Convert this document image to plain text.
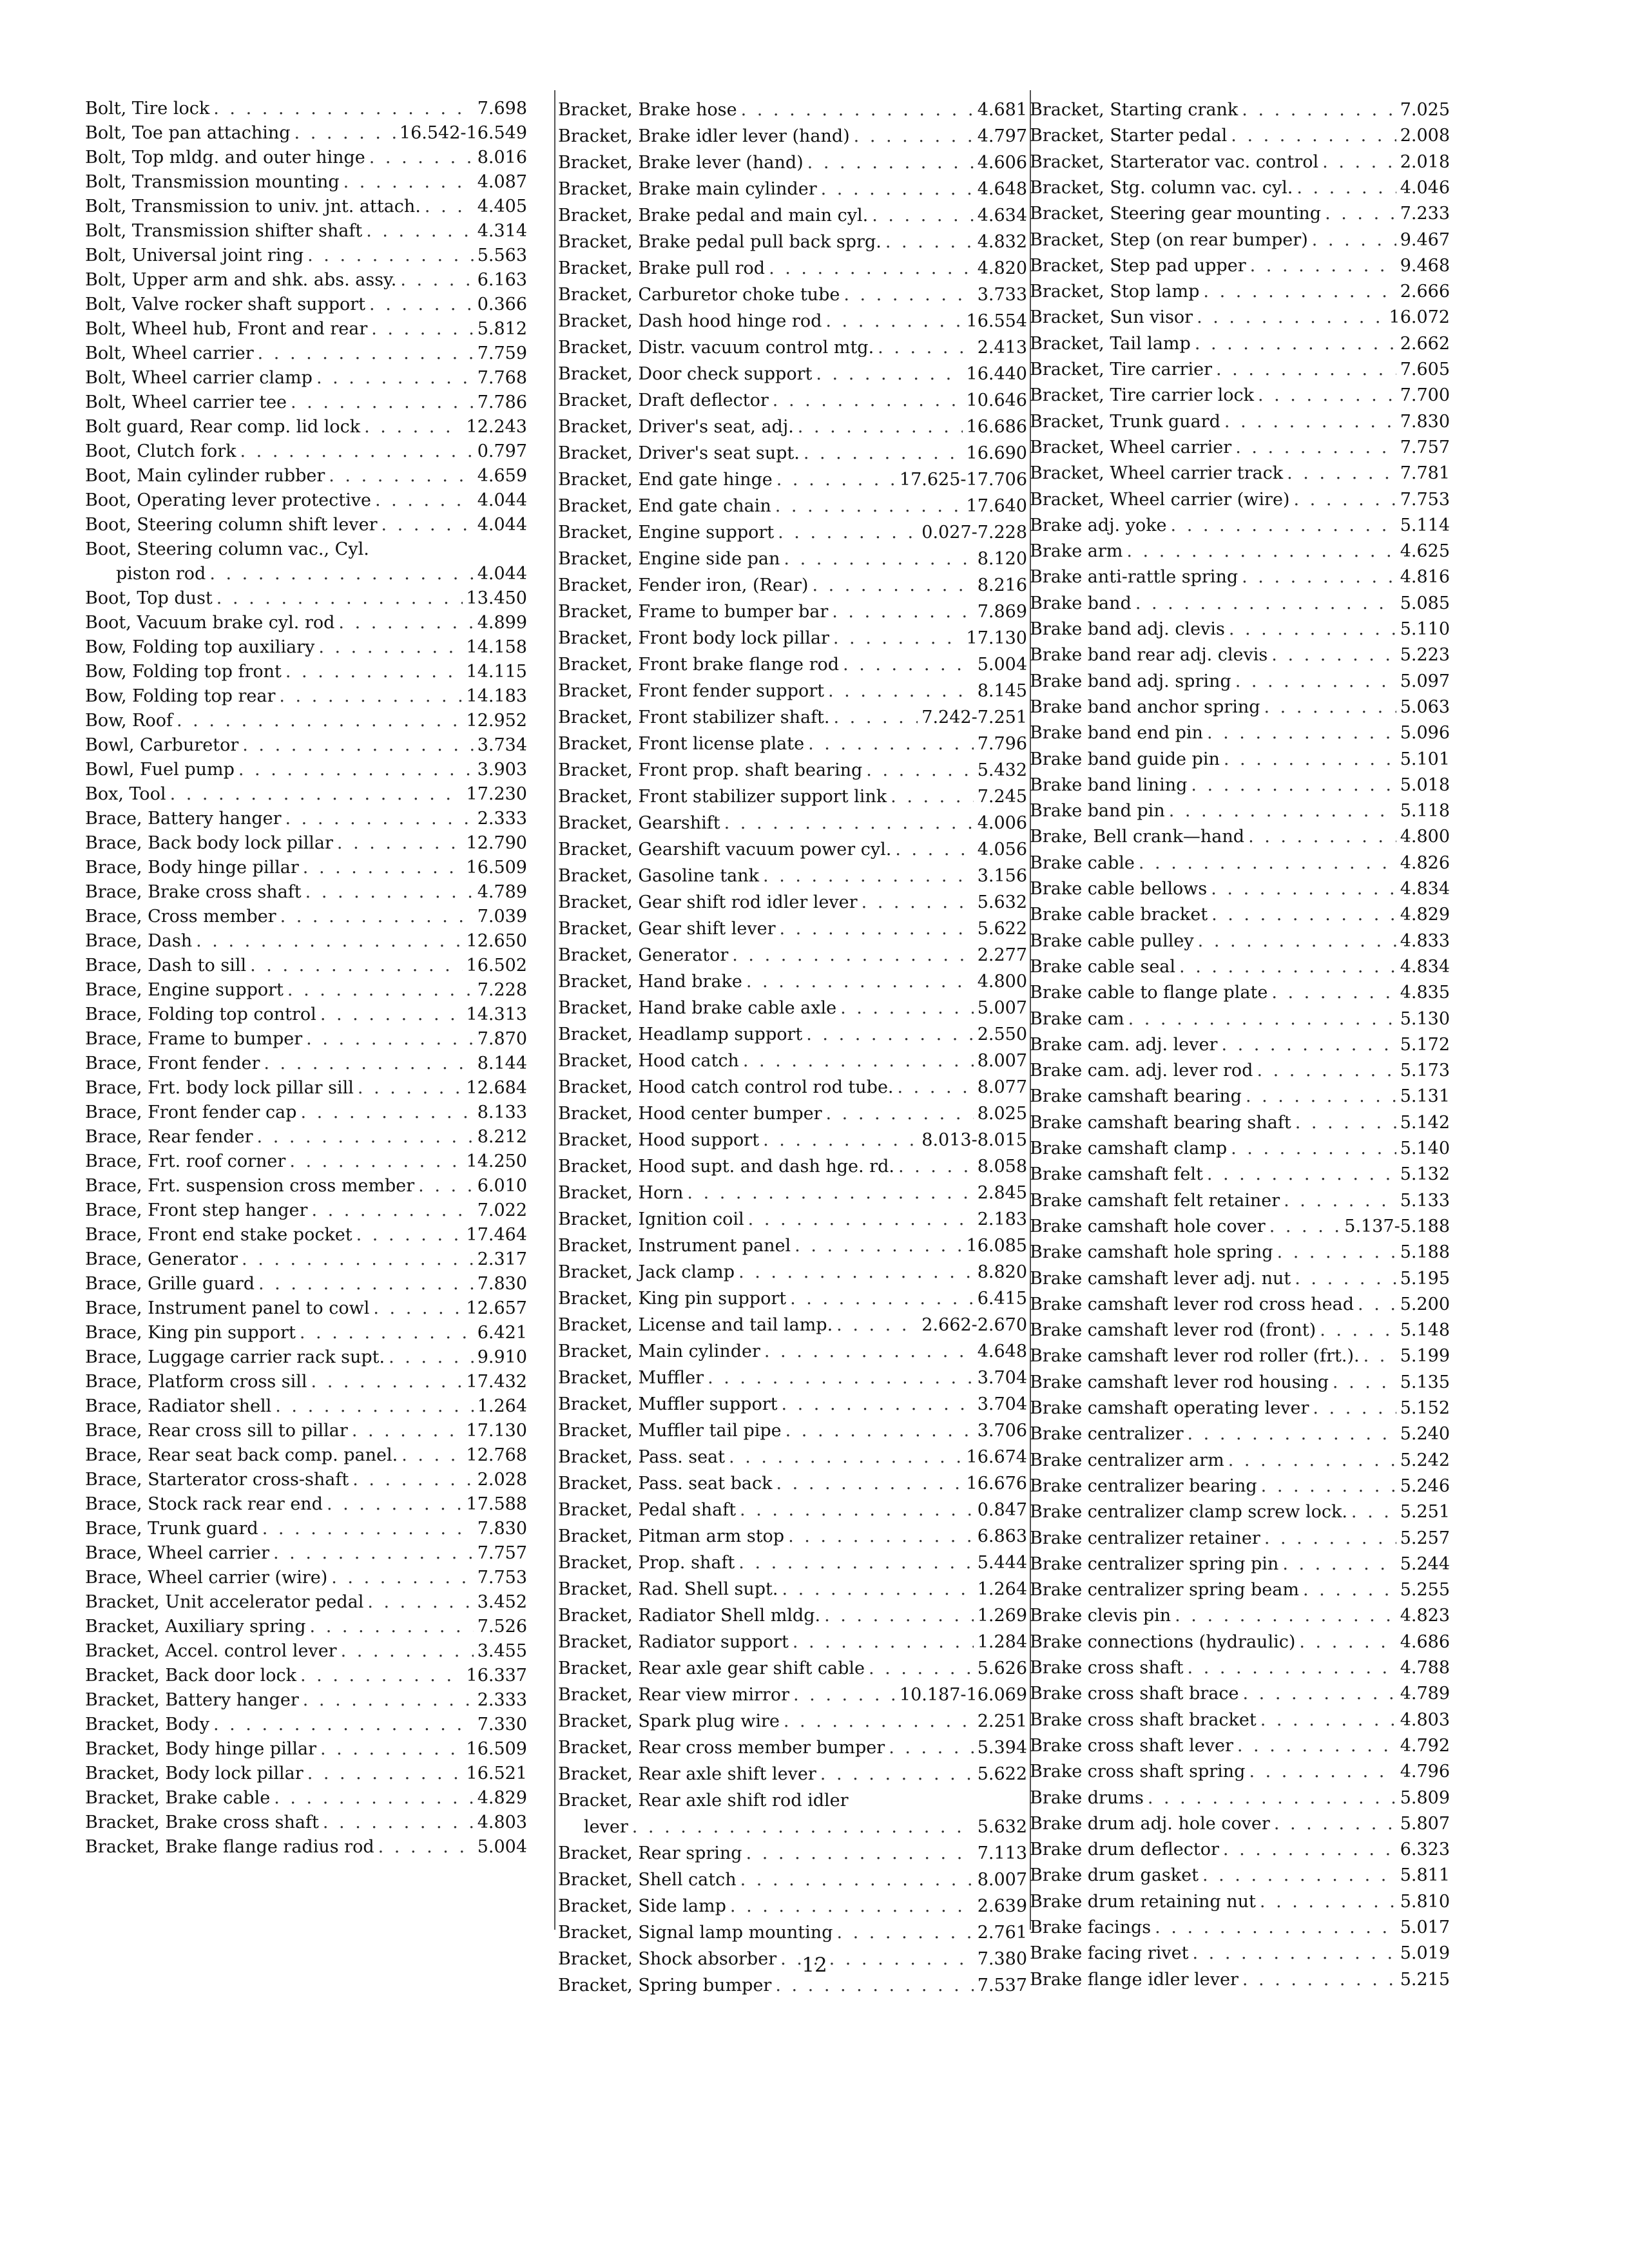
Bolt, Tire lock . . .	7.698
Bolt, Toe pan attaching . . .	16.542-16.549
Bolt, Top mldg. and outer hinge . . .	8.016
Bolt, Transmission mounting . . .	4.087
Bolt, Transmission to univ. jnt. attach. . . .	4.405
Bolt, Transmission shifter shaft . . .	4.314
Bolt, Universal joint ring . . .	5.563
Bolt, Upper arm and shk. abs. assy. . . .	6.163
Bolt, Valve rocker shaft support . . .	0.366
Bolt, Wheel hub, Front and rear . . .	5.812
Bolt, Wheel carrier . . .	7.759
Bolt, Wheel carrier clamp . . .	7.768
Bolt, Wheel carrier tee . . .	7.786
Bolt guard, Rear comp. lid lock . . .	12.243
Boot, Clutch fork . . .	0.797
Boot, Main cylinder rubber . . .	4.659
Boot, Operating lever protective . . .	4.044
Boot, Steering column shift lever . . .	4.044
Boot, Steering column vac., Cyl.
piston rod . . .	4.044
Boot, Top dust . . .	13.450
Boot, Vacuum brake cyl. rod . . .	4.899
Bow, Folding top auxiliary . . .	14.158
Bow, Folding top front . . .	14.115
Bow, Folding top rear . . .	14.183
Bow, Roof . . .	12.952
Bowl, Carburetor . . .	3.734
Bowl, Fuel pump . . .	3.903
Box, Tool . . .	17.230
Brace, Battery hanger . . .	2.333
Brace, Back body lock pillar . . .	12.790
Brace, Body hinge pillar . . .	16.509
Brace, Brake cross shaft . . .	4.789
Brace, Cross member . . .	7.039
Brace, Dash . . .	12.650
Brace, Dash to sill . . .	16.502
Brace, Engine support . . .	7.228
Brace, Folding top control . . .	14.313
Brace, Frame to bumper . . .	7.870
Brace, Front fender . . .	8.144
Brace, Frt. body lock pillar sill . . .	12.684
Brace, Front fender cap . . .	8.133
Brace, Rear fender . . .	8.212
Brace, Frt. roof corner . . .	14.250
Brace, Frt. suspension cross member . . .	6.010
Brace, Front step hanger . . .	7.022
Brace, Front end stake pocket . . .	17.464
Brace, Generator . . .	2.317
Brace, Grille guard . . .	7.830
Brace, Instrument panel to cowl . . .	12.657
Brace, King pin support . . .	6.421
Brace, Luggage carrier rack supt. . . .	9.910
Brace, Platform cross sill . . .	17.432
Brace, Radiator shell . . .	1.264
Brace, Rear cross sill to pillar . . .	17.130
Brace, Rear seat back comp. panel. . . .	12.768
Brace, Starterator cross-shaft . . .	2.028
Brace, Stock rack rear end . . .	17.588
Brace, Trunk guard . . .	7.830
Brace, Wheel carrier . . .	7.757
Brace, Wheel carrier (wire) . . .	7.753
Bracket, Unit accelerator pedal . . .	3.452
Bracket, Auxiliary spring . . .	7.526
Bracket, Accel. control lever . . .	3.455
Bracket, Back door lock . . .	16.337
Bracket, Battery hanger . . .	2.333
Bracket, Body . . .	7.330
Bracket, Body hinge pillar . . .	16.509
Bracket, Body lock pillar . . .	16.521
Bracket, Brake cable . . .	4.829
Bracket, Brake cross shaft . . .	4.803
Bracket, Brake flange radius rod . . .	5.004
Bracket, Brake hose . . .	4.681
Bracket, Brake idler lever (hand) . . .	4.797
Bracket, Brake lever (hand) . . .	4.606
Bracket, Brake main cylinder . . .	4.648
Bracket, Brake pedal and main cyl. . . .	4.634
Bracket, Brake pedal pull back sprg. . . .	4.832
Bracket, Brake pull rod . . .	4.820
Bracket, Carburetor choke tube . . .	3.733
Bracket, Dash hood hinge rod . . .	16.554
Bracket, Distr. vacuum control mtg. . . .	2.413
Bracket, Door check support . . .	16.440
Bracket, Draft deflector . . .	10.646
Bracket, Driver's seat, adj. . . .	16.686
Bracket, Driver's seat supt. . . .	16.690
Bracket, End gate hinge . . .	17.625-17.706
Bracket, End gate chain . . .	17.640
Bracket, Engine support . . .	0.027-7.228
Bracket, Engine side pan . . .	8.120
Bracket, Fender iron, (Rear) . . .	8.216
Bracket, Frame to bumper bar . . .	7.869
Bracket, Front body lock pillar . . .	17.130
Bracket, Front brake flange rod . . .	5.004
Bracket, Front fender support . . .	8.145
Bracket, Front stabilizer shaft. . . .	7.242-7.251
Bracket, Front license plate . . .	7.796
Bracket, Front prop. shaft bearing . . .	5.432
Bracket, Front stabilizer support link . . .	7.245
Bracket, Gearshift . . .	4.006
Bracket, Gearshift vacuum power cyl. . . .	4.056
Bracket, Gasoline tank . . .	3.156
Bracket, Gear shift rod idler lever . . .	5.632
Bracket, Gear shift lever . . .	5.622
Bracket, Generator . . .	2.277
Bracket, Hand brake . . .	4.800
Bracket, Hand brake cable axle . . .	5.007
Bracket, Headlamp support . . .	2.550
Bracket, Hood catch . . .	8.007
Bracket, Hood catch control rod tube. . . .	8.077
Bracket, Hood center bumper . . .	8.025
Bracket, Hood support . . .	8.013-8.015
Bracket, Hood supt. and dash hge. rd. . . .	8.058
Bracket, Horn . . .	2.845
Bracket, Ignition coil . . .	2.183
Bracket, Instrument panel . . .	16.085
Bracket, Jack clamp . . .	8.820
Bracket, King pin support . . .	6.415
Bracket, License and tail lamp. . . .	2.662-2.670
Bracket, Main cylinder . . .	4.648
Bracket, Muffler . . .	3.704
Bracket, Muffler support . . .	3.704
Bracket, Muffler tail pipe . . .	3.706
Bracket, Pass. seat . . .	16.674
Bracket, Pass. seat back . . .	16.676
Bracket, Pedal shaft . . .	0.847
Bracket, Pitman arm stop . . .	6.863
Bracket, Prop. shaft . . .	5.444
Bracket, Rad. Shell supt. . . .	1.264
Bracket, Radiator Shell mldg. . . .	1.269
Bracket, Radiator support . . .	1.284
Bracket, Rear axle gear shift cable . . .	5.626
Bracket, Rear view mirror . . .	10.187-16.069
Bracket, Spark plug wire . . .	2.251
Bracket, Rear cross member bumper . . .	5.394
Bracket, Rear axle shift lever . . .	5.622
Bracket, Rear axle shift rod idler
lever . . .	5.632
Bracket, Rear spring . . .	7.113
Bracket, Shell catch . . .	8.007
Bracket, Side lamp . . .	2.639
Bracket, Signal lamp mounting . . .	2.761
Bracket, Shock absorber . . .	7.380
Bracket, Spring bumper . . .	7.537
Bracket, Starting crank . . .	7.025
Bracket, Starter pedal . . .	2.008
Bracket, Starterator vac. control . . .	2.018
Bracket, Stg. column vac. cyl. . . .	4.046
Bracket, Steering gear mounting . . .	7.233
Bracket, Step (on rear bumper) . . .	9.467
Bracket, Step pad upper . . .	9.468
Bracket, Stop lamp . . .	2.666
Bracket, Sun visor . . .	16.072
Bracket, Tail lamp . . .	2.662
Bracket, Tire carrier . . .	7.605
Bracket, Tire carrier lock . . .	7.700
Bracket, Trunk guard . . .	7.830
Bracket, Wheel carrier . . .	7.757
Bracket, Wheel carrier track . . .	7.781
Bracket, Wheel carrier (wire) . . .	7.753
Brake adj. yoke . . .	5.114
Brake arm . . .	4.625
Brake anti-rattle spring . . .	4.816
Brake band . . .	5.085
Brake band adj. clevis . . .	5.110
Brake band rear adj. clevis . . .	5.223
Brake band adj. spring . . .	5.097
Brake band anchor spring . . .	5.063
Brake band end pin . . .	5.096
Brake band guide pin . . .	5.101
Brake band lining . . .	5.018
Brake band pin . . .	5.118
Brake, Bell crank—hand . . .	4.800
Brake cable . . .	4.826
Brake cable bellows . . .	4.834
Brake cable bracket . . .	4.829
Brake cable pulley . . .	4.833
Brake cable seal . . .	4.834
Brake cable to flange plate . . .	4.835
Brake cam . . .	5.130
Brake cam. adj. lever . . .	5.172
Brake cam. adj. lever rod . . .	5.173
Brake camshaft bearing . . .	5.131
Brake camshaft bearing shaft . . .	5.142
Brake camshaft clamp . . .	5.140
Brake camshaft felt . . .	5.132
Brake camshaft felt retainer . . .	5.133
Brake camshaft hole cover . . .	5.137-5.188
Brake camshaft hole spring . . .	5.188
Brake camshaft lever adj. nut . . .	5.195
Brake camshaft lever rod cross head . . .	5.200
Brake camshaft lever rod (front) . . .	5.148
Brake camshaft lever rod roller (frt.). . . . 5.199
Brake camshaft lever rod housing . . .	5.135
Brake camshaft operating lever . . .	5.152
Brake centralizer . . .	5.240
Brake centralizer arm . . .	5.242
Brake centralizer bearing . . .	5.246
Brake centralizer clamp screw lock. . . .	5.251
Brake centralizer retainer . . .	5.257
Brake centralizer spring pin . . .	5.244
Brake centralizer spring beam . . .	5.255
Brake clevis pin . . .	4.823
Brake connections (hydraulic) . . .	4.686
Brake cross shaft . . .	4.788
Brake cross shaft brace . . .	4.789
Brake cross shaft bracket . . .	4.803
Brake cross shaft lever . . .	4.792
Brake cross shaft spring . . .	4.796
Brake drums . . .	5.809
Brake drum adj. hole cover . . .	5.807
Brake drum deflector . . .	6.323
Brake drum gasket . . .	5.811
Brake drum retaining nut . . .	5.810
Brake facings . . .	5.017
Brake facing rivet . . .	5.019
Brake flange idler lever . . .	5.215
12
